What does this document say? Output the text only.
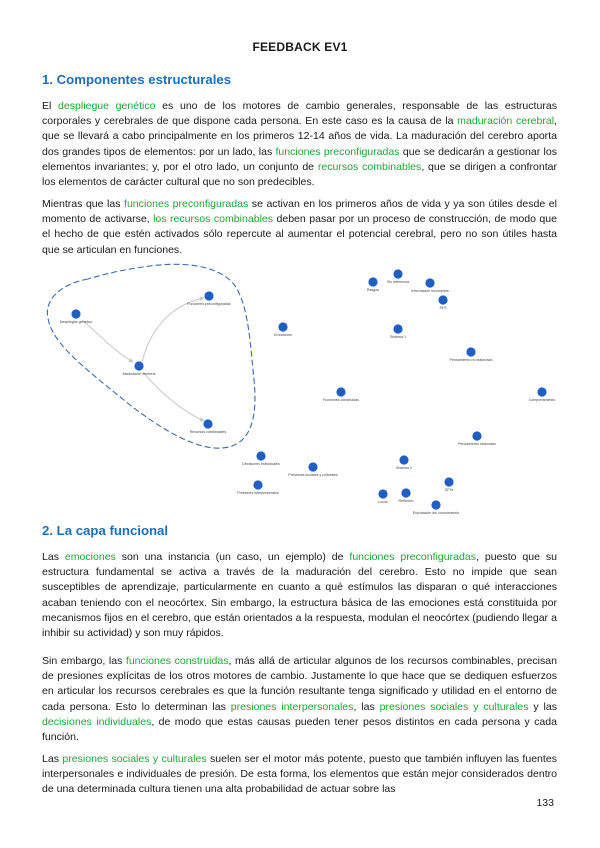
FEEDBACK EV1
1. Componentes estructurales

El despliegue genético es uno de los motores de cambio generales, responsable de las estructuras corporales y cerebrales de que dispone cada persona. En este caso es la causa de la maduración cerebral, que se llevará a cabo principalmente en los primeros 12-14 años de vida. La maduración del cerebro aporta dos grandes tipos de elementos: por un lado, las funciones preconfiguradas que se dedicarán a gestionar los elementos invariantes; y, por el otro lado, un conjunto de recursos combinables, que se dirigen a confrontar los elementos de carácter cultural que no son predecibles.

Mientras que las funciones preconfiguradas se activan en los primeros años de vida y ya son útiles desde el momento de activarse, los recursos combinables deben pasar por un proceso de construcción, de modo que el hecho de que estén activados sólo repercute al aumentar el potencial cerebral, pero no son útiles hasta que se articulan en funciones.

Despliegue genético
Maduración cerebral
Funciones preconfiguradas
Recursos combinables
Emociones
Rasgos
Sis referencia
Información incompleta
SFS
Sistema 1
Pensamiento no elaborado
Funciones construidas	Comportamiento
Pensamiento elaborado
Decisiones individuales
Presiones sociales y culturales
Presiones interpersonales
Sistema 2
SFSr
Locus	Reflexión
Explotación del conocimiento
2. La capa funcional

Las emociones son una instancia (un caso, un ejemplo) de funciones preconfiguradas, puesto que su estructura fundamental se activa a través de la maduración del cerebro. Esto no impide que sean susceptibles de aprendizaje, particularmente en cuanto a qué estímulos las disparan o qué interacciones acaban teniendo con el neocórtex. Sin embargo, la estructura básica de las emociones está constituida por mecanismos fijos en el cerebro, que están orientados a la respuesta, modulan el neocórtex (pudiendo llegar a inhibir su actividad) y son muy rápidos.

Sin embargo, las funciones construidas, más allá de articular algunos de los recursos combinables, precisan de presiones explícitas de los otros motores de cambio. Justamente lo que hace que se dediquen esfuerzos en articular los recursos cerebrales es que la función resultante tenga significado y utilidad en el entorno de cada persona. Esto lo determinan las presiones interpersonales, las presiones sociales y culturales y las decisiones individuales, de modo que estas causas pueden tener pesos distintos en cada persona y cada función.

Las presiones sociales y culturales suelen ser el motor más potente, puesto que también influyen las fuentes interpersonales e individuales de presión. De esta forma, los elementos que están mejor considerados dentro de una determinada cultura tienen una alta probabilidad de actuar sobre las

133
